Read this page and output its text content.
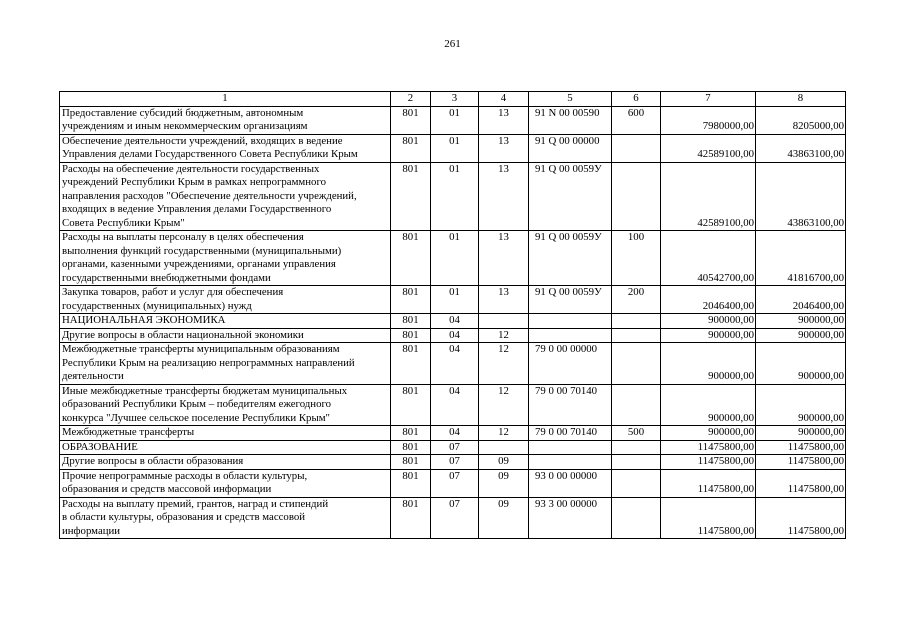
261
1	2	3	4	5	6	7	8

Предоставление субсидий бюджетным, автономным
учреждениям и иным некоммерческим организациям	801	01	13	91 N 00 00590	600	7980000,00	8205000,00

Обеспечение деятельности учреждений, входящих в ведение
Управления делами Государственного Совета Республики Крым	801	01	13	91 Q 00 00000		42589100,00	43863100,00

Расходы на обеспечение деятельности государственных
учреждений Республики Крым в рамках непрограммного
направления расходов "Обеспечение деятельности учреждений,
входящих в ведение Управления делами Государственного
Совета Республики Крым"	801	01	13	91 Q 00 0059У		42589100,00	43863100,00

Расходы на выплаты персоналу в целях обеспечения
выполнения функций государственными (муниципальными)
органами, казенными учреждениями, органами управления
государственными внебюджетными фондами	801	01	13	91 Q 00 0059У	100	40542700,00	41816700,00

Закупка товаров, работ и услуг для обеспечения
государственных (муниципальных) нужд	801	01	13	91 Q 00 0059У	200	2046400,00	2046400,00

НАЦИОНАЛЬНАЯ ЭКОНОМИКА	801	04				900000,00	900000,00

Другие вопросы в области национальной экономики	801	04	12			900000,00	900000,00

Межбюджетные трансферты муниципальным образованиям
Республики Крым на реализацию непрограммных направлений
деятельности	801	04	12	79 0 00 00000		900000,00	900000,00

Иные межбюджетные трансферты бюджетам муниципальных
образований Республики Крым – победителям ежегодного
конкурса "Лучшее сельское поселение Республики Крым"	801	04	12	79 0 00 70140		900000,00	900000,00

Межбюджетные трансферты	801	04	12	79 0 00 70140	500	900000,00	900000,00

ОБРАЗОВАНИЕ	801	07				11475800,00	11475800,00

Другие вопросы в области образования	801	07	09			11475800,00	11475800,00

Прочие непрограммные расходы в области культуры,
образования и средств массовой информации	801	07	09	93 0 00 00000		11475800,00	11475800,00

Расходы на выплату премий, грантов, наград и стипендий
в области культуры, образования и средств массовой
информации	801	07	09	93 3 00 00000		11475800,00	11475800,00
